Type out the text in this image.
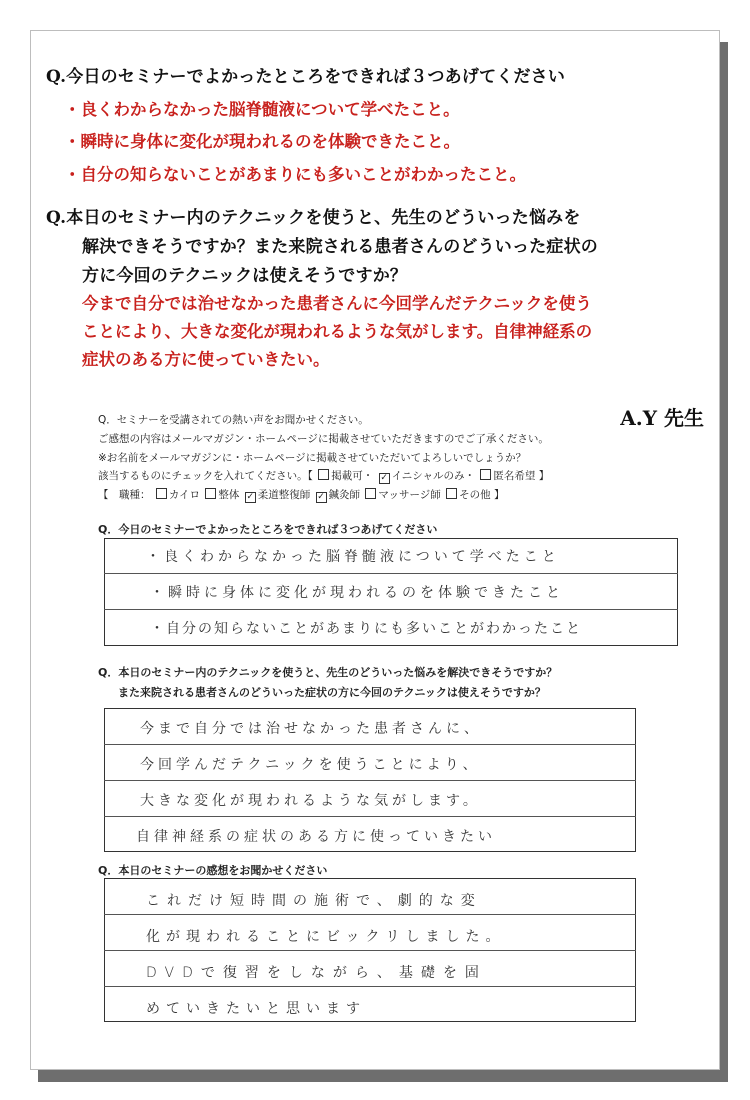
Q.今日のセミナーでよかったところをできれば３つあげてください
・良くわからなかった脳脊髄液について学べたこと。
・瞬時に身体に変化が現われるのを体験できたこと。
・自分の知らないことがあまりにも多いことがわかったこと。
Q.本日のセミナー内のテクニックを使うと、先生のどういった悩みを
解決できそうですか？また来院される患者さんのどういった症状の
方に今回のテクニックは使えそうですか？
今まで自分では治せなかった患者さんに今回学んだテクニックを使う
ことにより、大きな変化が現われるような気がします。自律神経系の
症状のある方に使っていきたい。
A.Y 先生
Q．セミナーを受講されての熱い声をお聞かせください。
ご感想の内容はメールマガジン・ホームページに掲載させていただきますのでご了承ください。
※お名前をメールマガジンに・ホームページに掲載させていただいてよろしいでしょうか？
該当するものにチェックを入れてください。【 掲載可・ ✓ イニシャルのみ・ 匿名希望 】
【　職種： カイロ 整体 ✓ 柔道整復師 ✓ 鍼灸師 マッサージ師 その他 】
Q．今日のセミナーでよかったところをできれば３つあげてください
・良くわからなかった脳脊髄液について学べたこと
・瞬時に身体に変化が現われるのを体験できたこと
・自分の知らないことがあまりにも多いことがわかったこと
Q．本日のセミナー内のテクニックを使うと、先生のどういった悩みを解決できそうですか？
また来院される患者さんのどういった症状の方に今回のテクニックは使えそうですか？
今まで自分では治せなかった患者さんに、
今回学んだテクニックを使うことにより、
大きな変化が現われるような気がします。
自律神経系の症状のある方に使っていきたい
Q．本日のセミナーの感想をお聞かせください
これだけ短時間の施術で、劇的な変
化が現われることにビックリしました。
DVDで復習をしながら、基礎を固
めていきたいと思います
